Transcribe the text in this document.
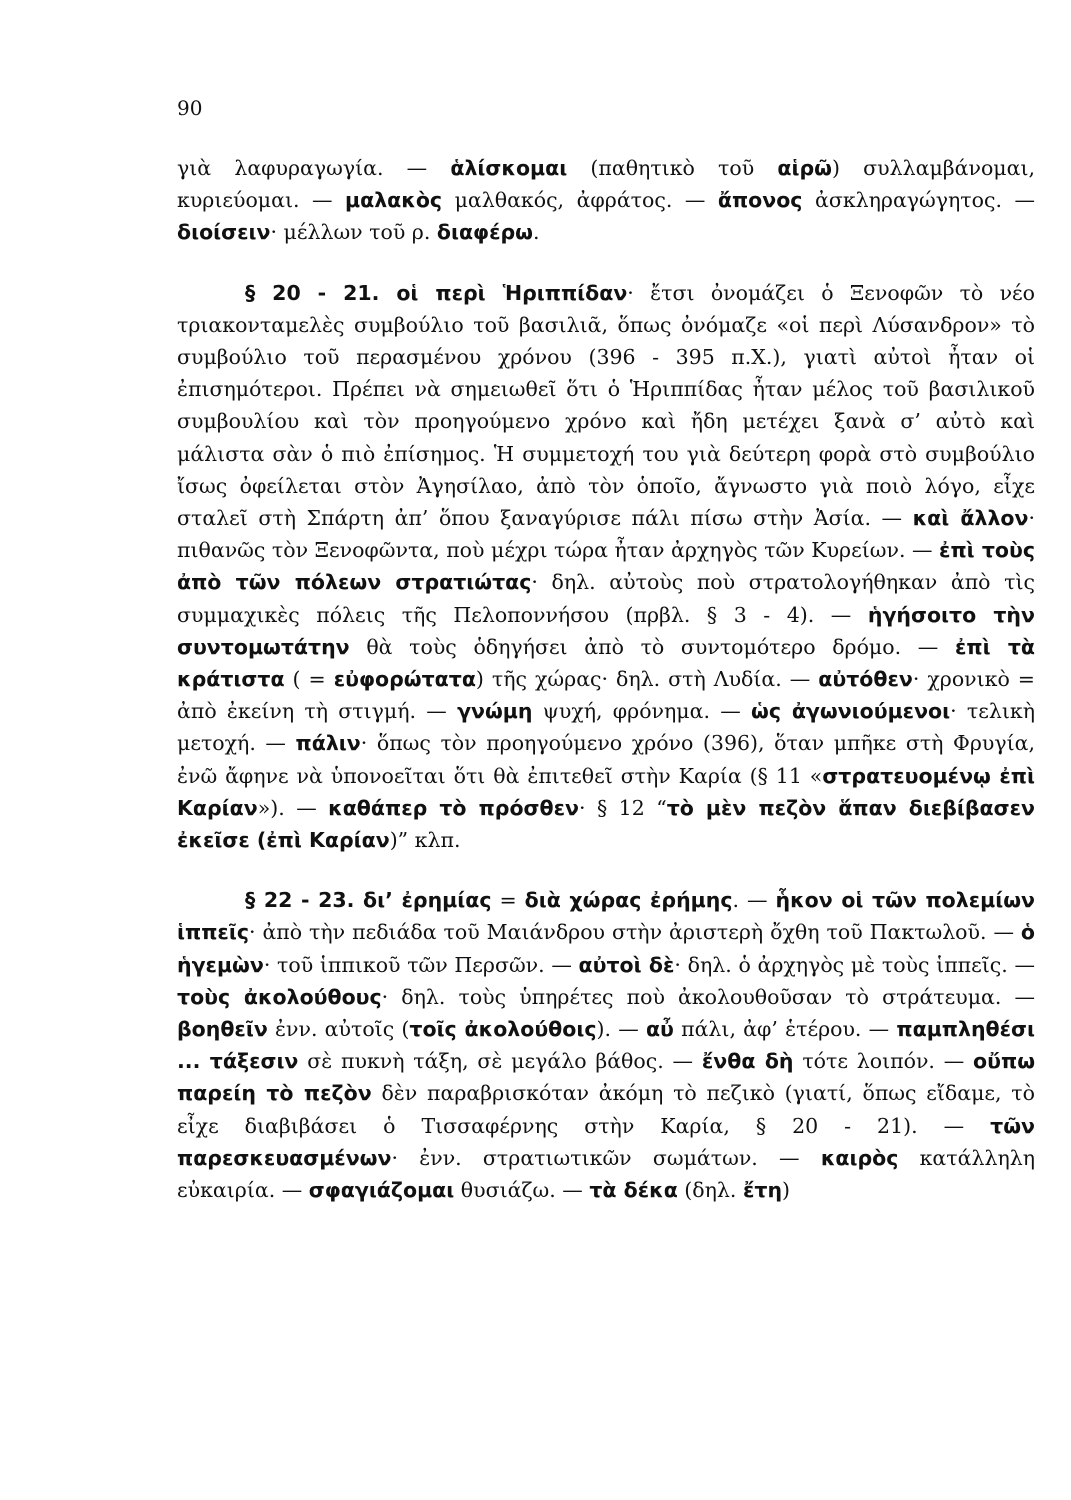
90

γιὰ λαφυραγωγία. — ἁλίσκομαι (παθητικὸ τοῦ αἱρῶ) συλλαμβάνομαι, κυριεύομαι. — μαλακὸς μαλθακός, ἀφράτος. — ἄπονος ἀσκληραγώγητος. — διοίσειν· μέλλων τοῦ ρ. διαφέρω.

§ 20 - 21. οἱ περὶ Ἡριππίδαν· ἔτσι ὀνομάζει ὁ Ξενοφῶν τὸ νέο τριακονταμελὲς συμβούλιο τοῦ βασιλιᾶ, ὅπως ὀνόμαζε «οἱ περὶ Λύσανδρον» τὸ συμβούλιο τοῦ περασμένου χρόνου (396 - 395 π.Χ.), γιατὶ αὐτοὶ ἦταν οἱ ἐπισημότεροι. Πρέπει νὰ σημειωθεῖ ὅτι ὁ Ἡριππίδας ἦταν μέλος τοῦ βασιλικοῦ συμβουλίου καὶ τὸν προηγούμενο χρόνο καὶ ἤδη μετέχει ξανὰ σ’ αὐτὸ καὶ μάλιστα σὰν ὁ πιὸ ἐπίσημος. Ἡ συμμετοχή του γιὰ δεύτερη φορὰ στὸ συμβούλιο ἴσως ὀφείλεται στὸν Ἀγησίλαο, ἀπὸ τὸν ὁποῖο, ἄγνωστο γιὰ ποιὸ λόγο, εἶχε σταλεῖ στὴ Σπάρτη ἀπ’ ὅπου ξαναγύρισε πάλι πίσω στὴν Ἀσία. — καὶ ἄλλον· πιθανῶς τὸν Ξενοφῶντα, ποὺ μέχρι τώρα ἦταν ἀρχηγὸς τῶν Κυρείων. — ἐπὶ τοὺς ἀπὸ τῶν πόλεων στρατιώτας· δηλ. αὐτοὺς ποὺ στρατολογήθηκαν ἀπὸ τὶς συμμαχικὲς πόλεις τῆς Πελοποννήσου (πρβλ. § 3 - 4). — ἡγήσοιτο τὴν συντομωτάτην θὰ τοὺς ὁδηγήσει ἀπὸ τὸ συντομότερο δρόμο. — ἐπὶ τὰ κράτιστα ( = εὐφορώτατα) τῆς χώρας· δηλ. στὴ Λυδία. — αὐτόθεν· χρονικὸ = ἀπὸ ἐκείνη τὴ στιγμή. — γνώμη ψυχή, φρόνημα. — ὡς ἀγωνιούμενοι· τελικὴ μετοχή. — πάλιν· ὅπως τὸν προηγούμενο χρόνο (396), ὅταν μπῆκε στὴ Φρυγία, ἐνῶ ἄφηνε νὰ ὑπονοεῖται ὅτι θὰ ἐπιτεθεῖ στὴν Καρία (§ 11 «στρατευομένῳ ἐπὶ Καρίαν»). — καθάπερ τὸ πρόσθεν· § 12 “τὸ μὲν πεζὸν ἅπαν διεβίβασεν ἐκεῖσε (ἐπὶ Καρίαν)” κλπ.

§ 22 - 23. δι’ ἐρημίας = διὰ χώρας ἐρήμης. — ἧκον οἱ τῶν πολεμίων ἱππεῖς· ἀπὸ τὴν πεδιάδα τοῦ Μαιάνδρου στὴν ἀριστερὴ ὄχθη τοῦ Πακτωλοῦ. — ὁ ἡγεμὼν· τοῦ ἱππικοῦ τῶν Περσῶν. — αὐτοὶ δὲ· δηλ. ὁ ἀρχηγὸς μὲ τοὺς ἱππεῖς. — τοὺς ἀκολούθους· δηλ. τοὺς ὑπηρέτες ποὺ ἀκολουθοῦσαν τὸ στράτευμα. — βοηθεῖν ἐνν. αὐτοῖς (τοῖς ἀκολούθοις). — αὖ πάλι, ἀφ’ ἑτέρου. — παμπληθέσι ... τάξεσιν σὲ πυκνὴ τάξη, σὲ μεγάλο βάθος. — ἔνθα δὴ τότε λοιπόν. — οὔπω παρείη τὸ πεζὸν δὲν παραβρισκόταν ἀκόμη τὸ πεζικὸ (γιατί, ὅπως εἴδαμε, τὸ εἶχε διαβιβάσει ὁ Τισσαφέρνης στὴν Καρία, § 20 - 21). — τῶν παρεσκευασμένων· ἐνν. στρατιωτικῶν σωμάτων. — καιρὸς κατάλληλη εὐκαιρία. — σφαγιάζομαι θυσιάζω. — τὰ δέκα (δηλ. ἔτη)
